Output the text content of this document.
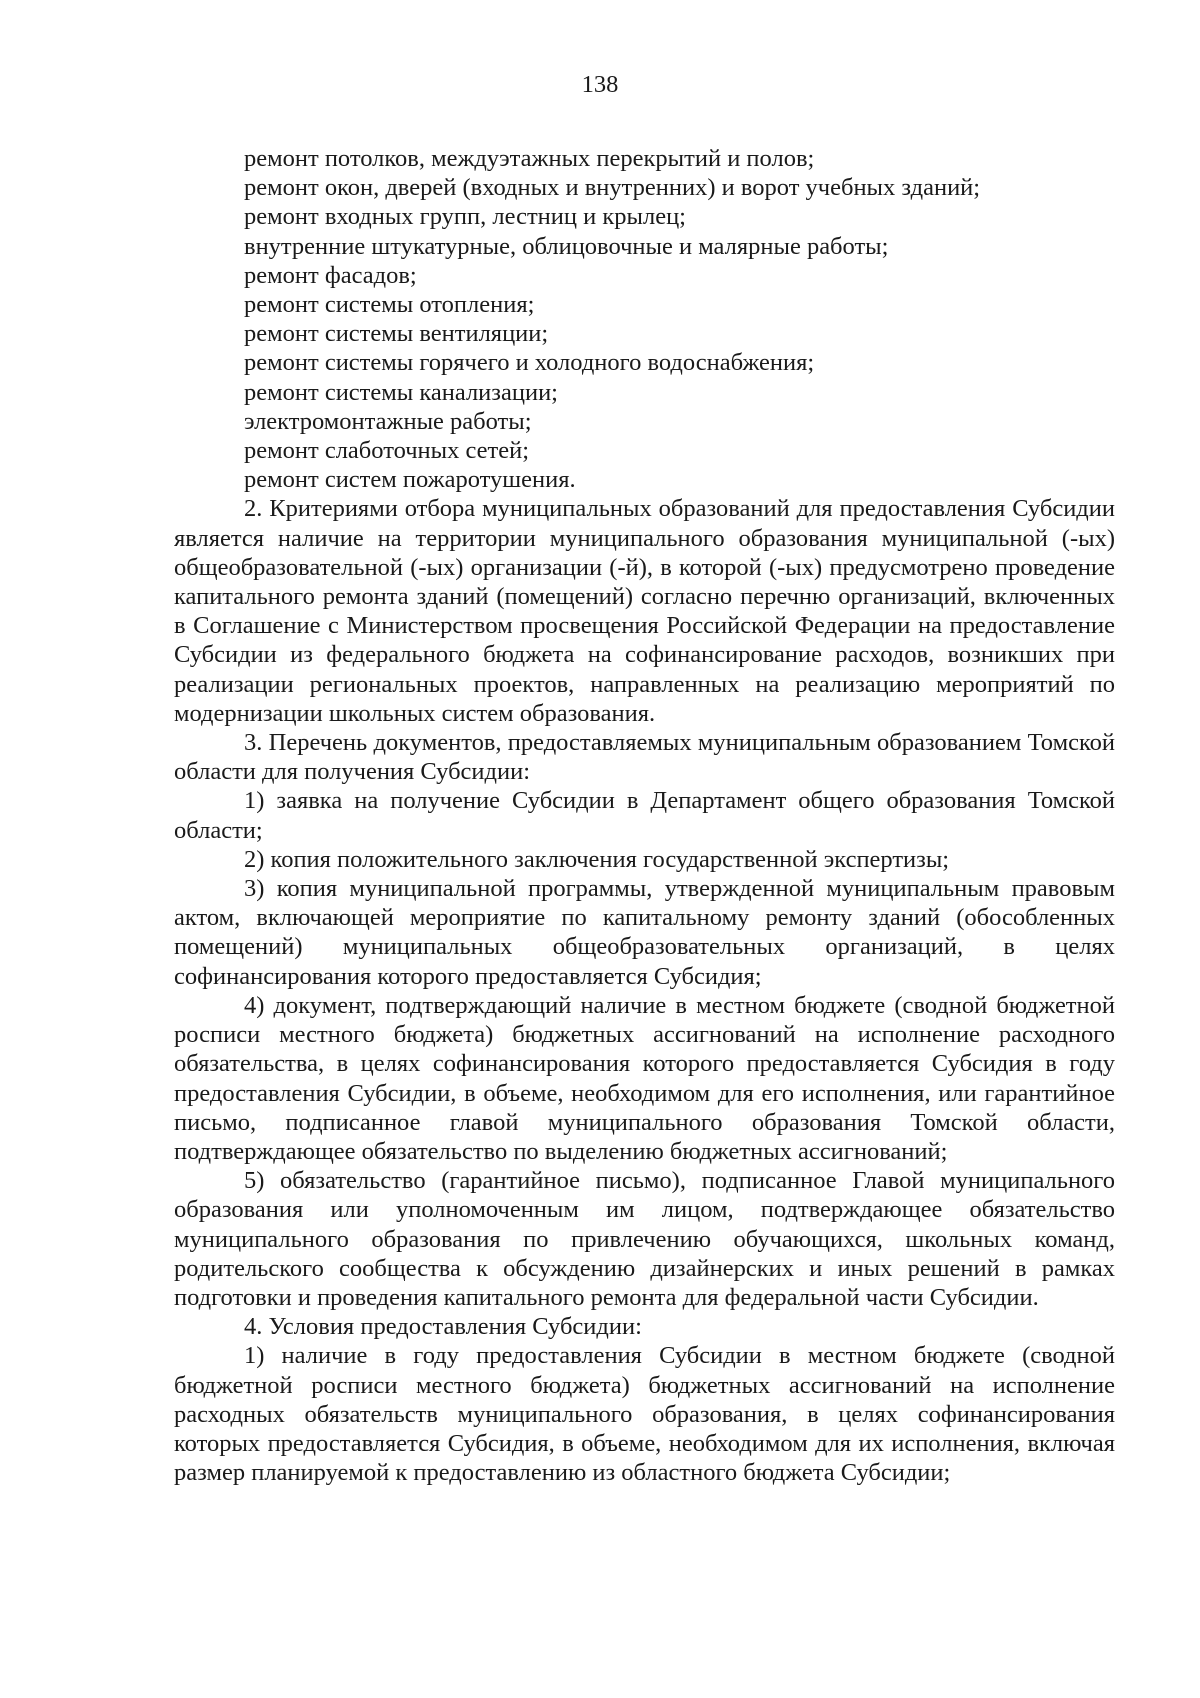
138
ремонт потолков, междуэтажных перекрытий и полов;
ремонт окон, дверей (входных и внутренних) и ворот учебных зданий;
ремонт входных групп, лестниц и крылец;
внутренние штукатурные, облицовочные и малярные работы;
ремонт фасадов;
ремонт системы отопления;
ремонт системы вентиляции;
ремонт системы горячего и холодного водоснабжения;
ремонт системы канализации;
электромонтажные работы;
ремонт слаботочных сетей;
ремонт систем пожаротушения.

2. Критериями отбора муниципальных образований для предоставления Субсидии является наличие на территории муниципального образования муниципальной (-ых) общеобразовательной (-ых) организации (-й), в которой (-ых) предусмотрено проведение капитального ремонта зданий (помещений) согласно перечню организаций, включенных в Соглашение с Министерством просвещения Российской Федерации на предоставление Субсидии из федерального бюджета на софинансирование расходов, возникших при реализации региональных проектов, направленных на реализацию мероприятий по модернизации школьных систем образования.

3. Перечень документов, предоставляемых муниципальным образованием Томской области для получения Субсидии:

1) заявка на получение Субсидии в Департамент общего образования Томской области;

2) копия положительного заключения государственной экспертизы;

3) копия муниципальной программы, утвержденной муниципальным правовым актом, включающей мероприятие по капитальному ремонту зданий (обособленных помещений) муниципальных общеобразовательных организаций, в целях софинансирования которого предоставляется Субсидия;

4) документ, подтверждающий наличие в местном бюджете (сводной бюджетной росписи местного бюджета) бюджетных ассигнований на исполнение расходного обязательства, в целях софинансирования которого предоставляется Субсидия в году предоставления Субсидии, в объеме, необходимом для его исполнения, или гарантийное письмо, подписанное главой муниципального образования Томской области, подтверждающее обязательство по выделению бюджетных ассигнований;

5) обязательство (гарантийное письмо), подписанное Главой муниципального образования или уполномоченным им лицом, подтверждающее обязательство муниципального образования по привлечению обучающихся, школьных команд, родительского сообщества к обсуждению дизайнерских и иных решений в рамках подготовки и проведения капитального ремонта для федеральной части Субсидии.

4. Условия предоставления Субсидии:

1) наличие в году предоставления Субсидии в местном бюджете (сводной бюджетной росписи местного бюджета) бюджетных ассигнований на исполнение расходных обязательств муниципального образования, в целях софинансирования которых предоставляется Субсидия, в объеме, необходимом для их исполнения, включая размер планируемой к предоставлению из областного бюджета Субсидии;
